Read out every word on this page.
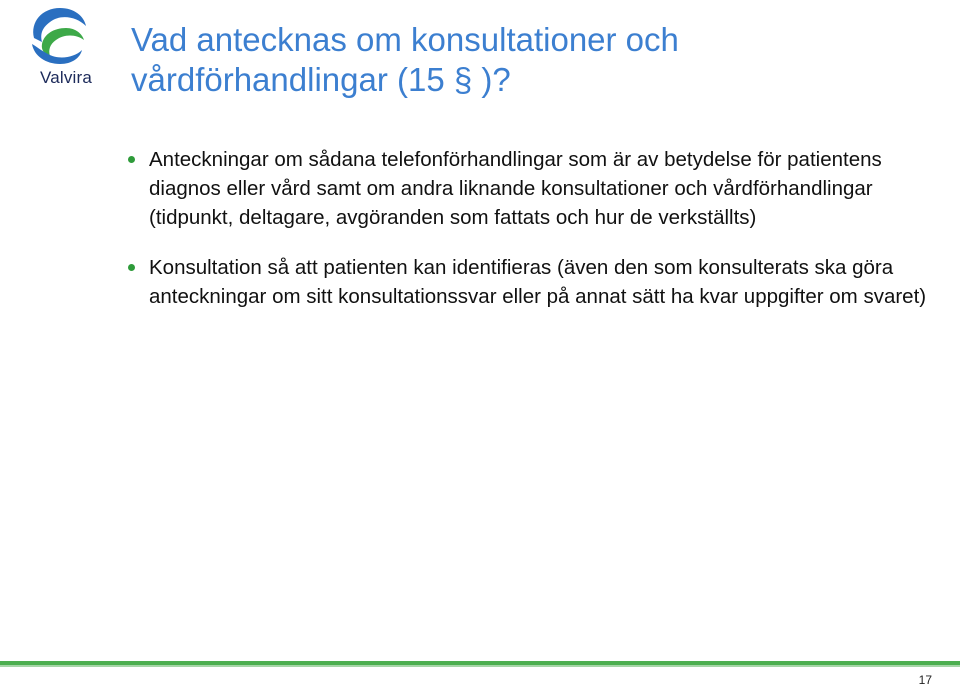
Valvira
Vad antecknas om konsultationer och
vårdförhandlingar (15 § )?
Anteckningar om sådana telefonförhandlingar som är av betydelse för patientens diagnos eller vård samt om andra liknande konsultationer och vårdförhandlingar (tidpunkt, deltagare, avgöranden som fattats och hur de verkställts)
Konsultation så att patienten kan identifieras (även den som konsulterats ska göra anteckningar om sitt konsultationssvar eller på annat sätt ha kvar uppgifter om svaret)
17
